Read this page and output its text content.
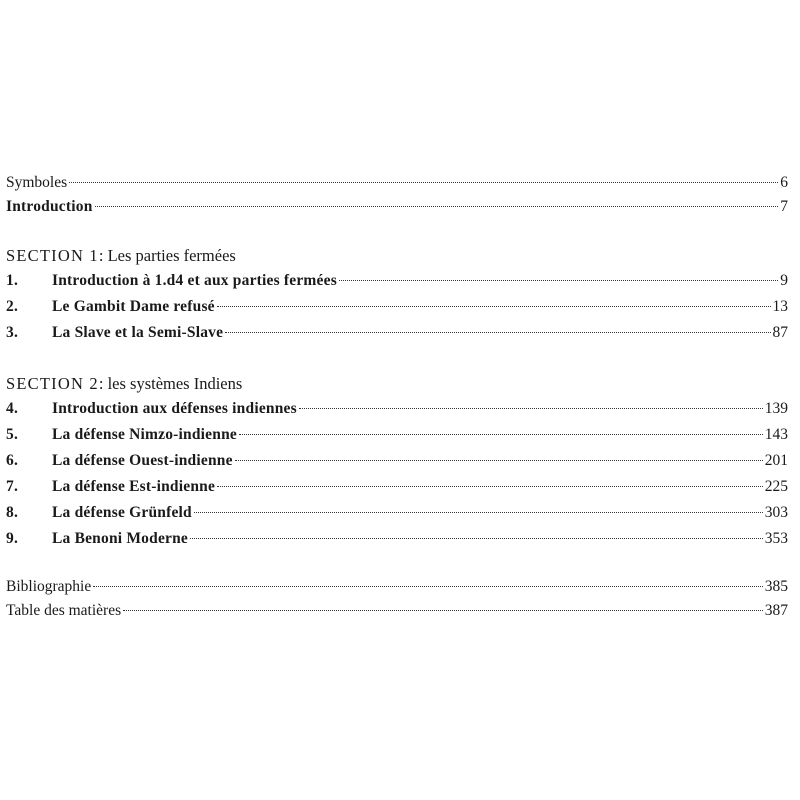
Symboles	6
Introduction	7
SECTION 1: Les parties fermées
1.	Introduction à 1.d4 et aux parties fermées	9
2.	Le Gambit Dame refusé	13
3.	La Slave et la Semi-Slave	87
SECTION 2: les systèmes Indiens
4.	Introduction aux défenses indiennes	139
5.	La défense Nimzo-indienne	143
6.	La défense Ouest-indienne	201
7.	La défense Est-indienne	225
8.	La défense Grünfeld	303
9.	La Benoni Moderne	353
Bibliographie	385
Table des matières	387
